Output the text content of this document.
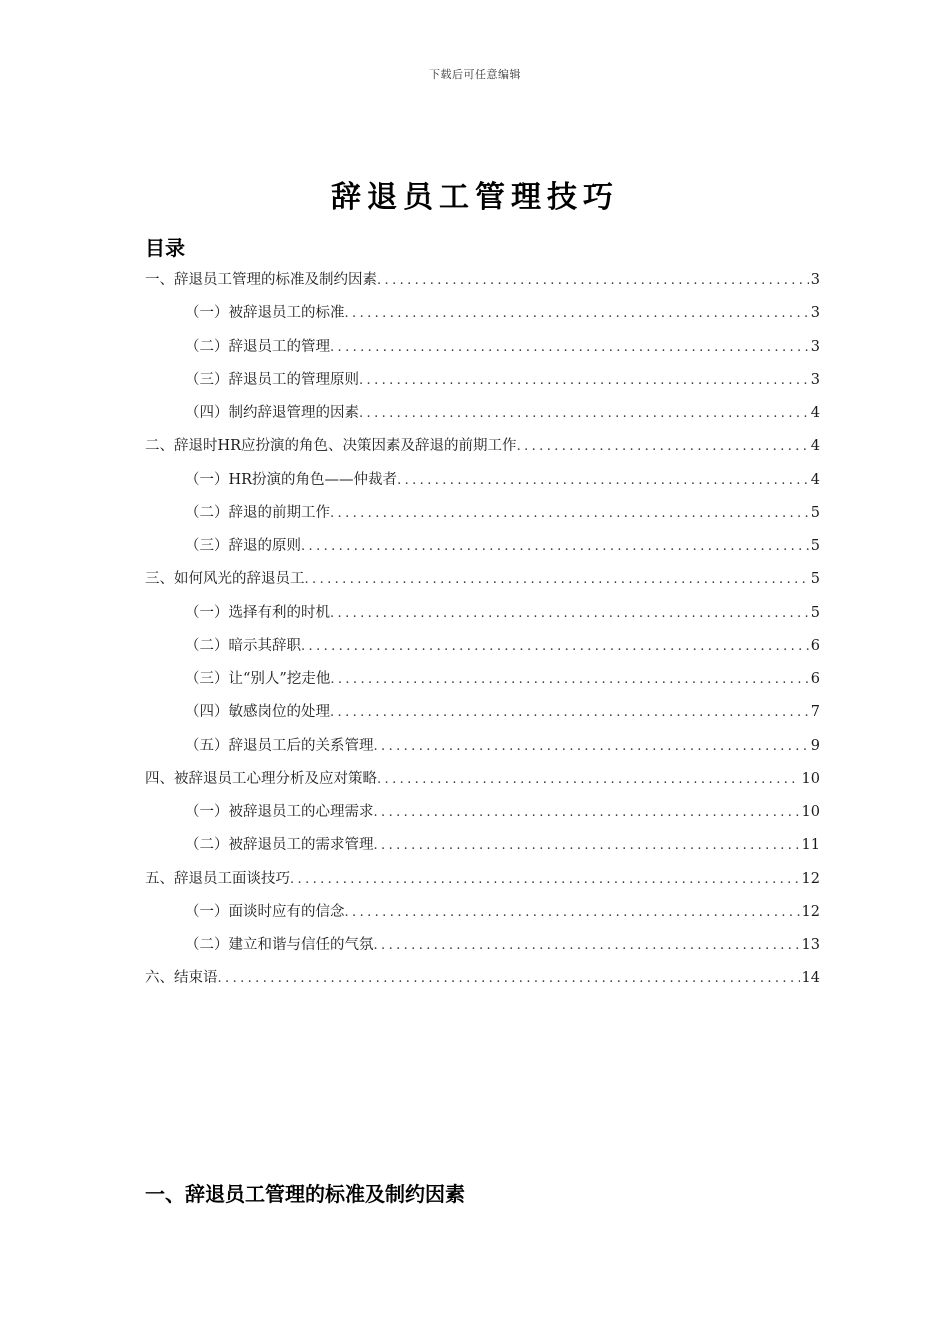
下载后可任意编辑
辞退员工管理技巧
目录
一、辞退员工管理的标准及制约因素 .....	3
（一）被辞退员工的标准 .....	3
（二）辞退员工的管理 .....	3
（三）辞退员工的管理原则 .....	3
（四）制约辞退管理的因素 .....	4
二、辞退时HR应扮演的角色、决策因素及辞退的前期工作 .....	4
（一）HR扮演的角色——仲裁者 .....	4
（二）辞退的前期工作 .....	5
（三）辞退的原则 .....	5
三、如何风光的辞退员工 .....	5
（一）选择有利的时机 .....	5
（二）暗示其辞职 .....	6
（三）让“别人”挖走他 .....	6
（四）敏感岗位的处理 .....	7
（五）辞退员工后的关系管理 .....	9
四、被辞退员工心理分析及应对策略 .....	10
（一）被辞退员工的心理需求 .....	10
（二）被辞退员工的需求管理 .....	11
五、辞退员工面谈技巧 .....	12
（一）面谈时应有的信念 .....	12
（二）建立和谐与信任的气氛 .....	13
六、结束语 .....	14
一、辞退员工管理的标准及制约因素
